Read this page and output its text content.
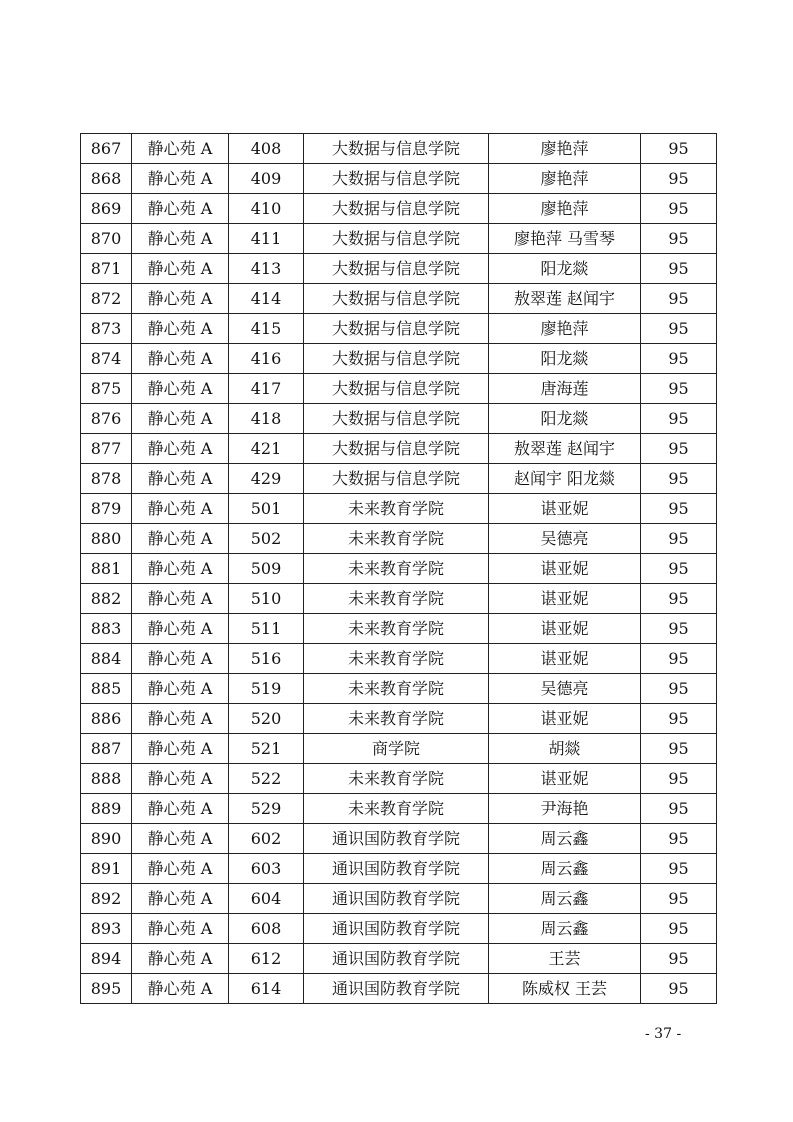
867	静心苑 A	408	大数据与信息学院	廖艳萍	95
868	静心苑 A	409	大数据与信息学院	廖艳萍	95
869	静心苑 A	410	大数据与信息学院	廖艳萍	95
870	静心苑 A	411	大数据与信息学院	廖艳萍 马雪琴	95
871	静心苑 A	413	大数据与信息学院	阳龙燚	95
872	静心苑 A	414	大数据与信息学院	敖翠莲 赵闻宇	95
873	静心苑 A	415	大数据与信息学院	廖艳萍	95
874	静心苑 A	416	大数据与信息学院	阳龙燚	95
875	静心苑 A	417	大数据与信息学院	唐海莲	95
876	静心苑 A	418	大数据与信息学院	阳龙燚	95
877	静心苑 A	421	大数据与信息学院	敖翠莲 赵闻宇	95
878	静心苑 A	429	大数据与信息学院	赵闻宇 阳龙燚	95
879	静心苑 A	501	未来教育学院	谌亚妮	95
880	静心苑 A	502	未来教育学院	吴德亮	95
881	静心苑 A	509	未来教育学院	谌亚妮	95
882	静心苑 A	510	未来教育学院	谌亚妮	95
883	静心苑 A	511	未来教育学院	谌亚妮	95
884	静心苑 A	516	未来教育学院	谌亚妮	95
885	静心苑 A	519	未来教育学院	吴德亮	95
886	静心苑 A	520	未来教育学院	谌亚妮	95
887	静心苑 A	521	商学院	胡燚	95
888	静心苑 A	522	未来教育学院	谌亚妮	95
889	静心苑 A	529	未来教育学院	尹海艳	95
890	静心苑 A	602	通识国防教育学院	周云鑫	95
891	静心苑 A	603	通识国防教育学院	周云鑫	95
892	静心苑 A	604	通识国防教育学院	周云鑫	95
893	静心苑 A	608	通识国防教育学院	周云鑫	95
894	静心苑 A	612	通识国防教育学院	王芸	95
895	静心苑 A	614	通识国防教育学院	陈威权 王芸	95
- 37 -
